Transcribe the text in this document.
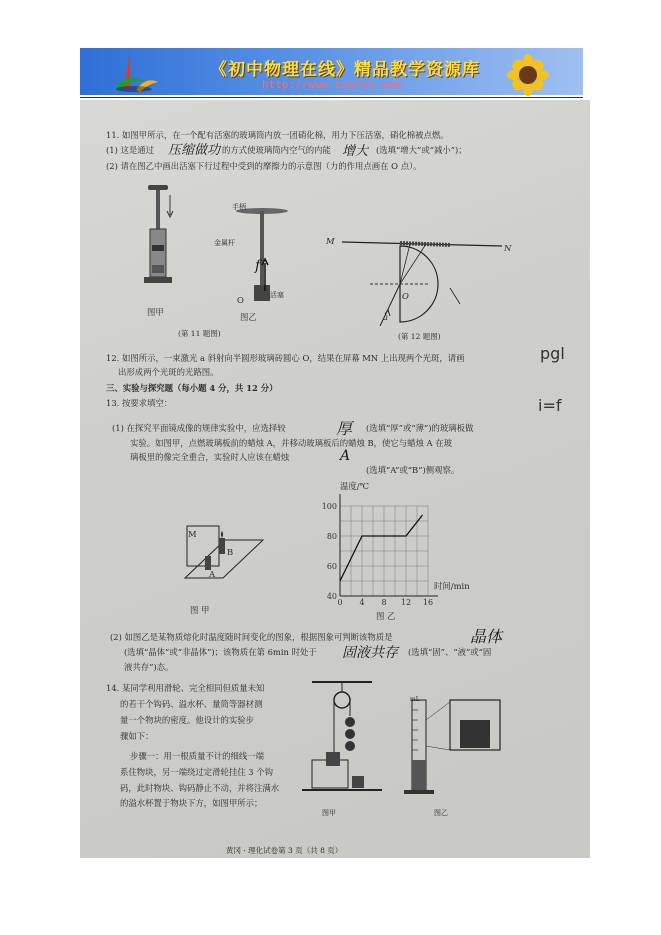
《初中物理在线》精品教学资源库
http://www.czwlzx.com
11. 如图甲所示，在一个配有活塞的玻璃筒内放一团硝化棉，用力下压活塞，硝化棉被点燃。
(1) 这是通过 压缩做功 的方式使玻璃筒内空气的内能 增大 (选填“增大”或“减小”)；
(2) 请在图乙中画出活塞下行过程中受到的摩擦力的示意图（力的作用点画在 O 点）。
图甲
手柄
金属杆
活塞
O
f
图乙
(第 11 题图)
M
N
O
a
(第 12 题图)
12. 如图所示，一束激光 a 斜射向半圆形玻璃砖圆心 O，结果在屏幕 MN 上出现两个光斑，请画
出形成两个光斑的光路图。
三、实验与探究题（每小题 4 分，共 12 分）
13. 按要求填空：
(1) 在探究平面镜成像的规律实验中，应选择较	厚 (选填“厚”或“薄”)的玻璃板做
实验。如图甲，点燃玻璃板前的蜡烛 A，并移动玻璃板后的蜡烛 B，使它与蜡烛 A 在玻
璃板里的像完全重合，实验时人应该在蜡烛	A
(选填“A”或“B”)侧观察。
M
A
B
图 甲
0 4 8 12 16
40
60
80
100
温度/℃
时间/min
图 乙
(2) 如图乙是某物质熔化时温度随时间变化的图象，根据图象可判断该物质是	晶体
(选填“晶体”或“非晶体”)；该物质在第 6min 时处于 固液共存 (选填“固”、“液”或“固
液共存”)态。
14. 某同学利用滑轮、完全相同但质量未知
的若干个钩码、溢水杯、量筒等器材测
量一个物块的密度。他设计的实验步
骤如下：
步骤一：用一根质量不计的细线一端
系住物块，另一端绕过定滑轮挂住 3 个钩
码，此时物块、钩码静止不动，并将注满水
的溢水杯置于物块下方，如图甲所示；
图甲
mL
图乙
黄冈 · 理化试卷第 3 页（共 8 页）
pgl
i=f
